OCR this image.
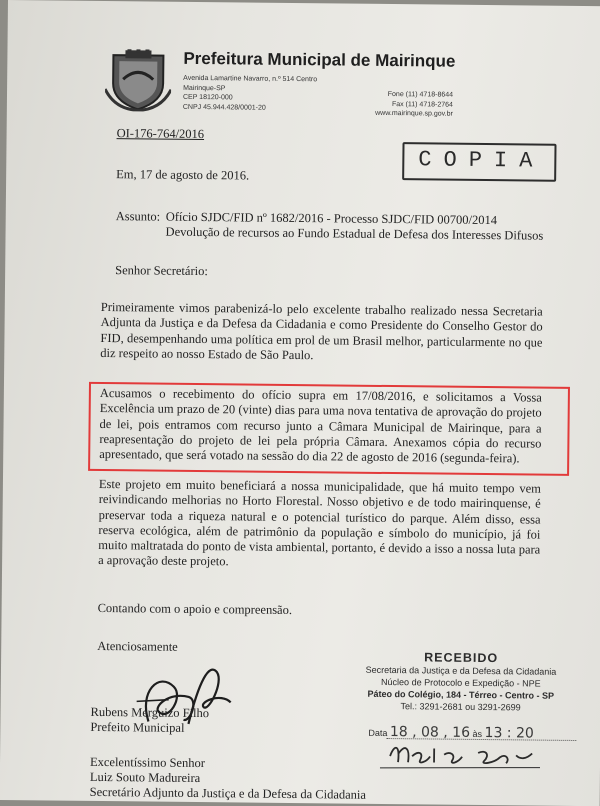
Prefeitura Municipal de Mairinque
Avenida Lamartine Navarro, n.º 514 Centro
Mairinque-SP
CEP 18120-000
CNPJ 45.944.428/0001-20
Fone (11) 4718-8644
Fax (11) 4718-2764
www.mairinque.sp.gov.br
OI-176-764/2016
COPIA
Em, 17 de agosto de 2016.
Assunto: Ofício SJDC/FID nº 1682/2016 - Processo SJDC/FID 00700/2014
Devolução de recursos ao Fundo Estadual de Defesa dos Interesses Difusos
Senhor Secretário:
Primeiramente vimos parabenizá-lo pelo excelente trabalho realizado nessa Secretaria Adjunta da Justiça e da Defesa da Cidadania e como Presidente do Conselho Gestor do FID, desempenhando uma política em prol de um Brasil melhor, particularmente no que diz respeito ao nosso Estado de São Paulo.
Acusamos o recebimento do ofício supra em 17/08/2016, e solicitamos a Vossa Excelência um prazo de 20 (vinte) dias para uma nova tentativa de aprovação do projeto de lei, pois entramos com recurso junto a Câmara Municipal de Mairinque, para a reapresentação do projeto de lei pela própria Câmara. Anexamos cópia do recurso apresentado, que será votado na sessão do dia 22 de agosto de 2016 (segunda-feira).
Este projeto em muito beneficiará a nossa municipalidade, que há muito tempo vem reivindicando melhorias no Horto Florestal. Nosso objetivo e de todo mairinquense, é preservar toda a riqueza natural e o potencial turístico do parque. Além disso, essa reserva ecológica, além de patrimônio da população e símbolo do município, já foi muito maltratada do ponto de vista ambiental, portanto, é devido a isso a nossa luta para a aprovação deste projeto.
Contando com o apoio e compreensão.
Atenciosamente
Rubens Merguizo Filho
Prefeito Municipal
Excelentíssimo Senhor
Luiz Souto Madureira
Secretário Adjunto da Justiça e da Defesa da Cidadania
RECEBIDO
Secretaria da Justiça e da Defesa da Cidadania
Núcleo de Protocolo e Expedição - NPE
Páteo do Colégio, 184 - Térreo - Centro - SP
Tel.: 3291-2681 ou 3291-2699
Data 18 , 08 , 16 às 13 : 20
